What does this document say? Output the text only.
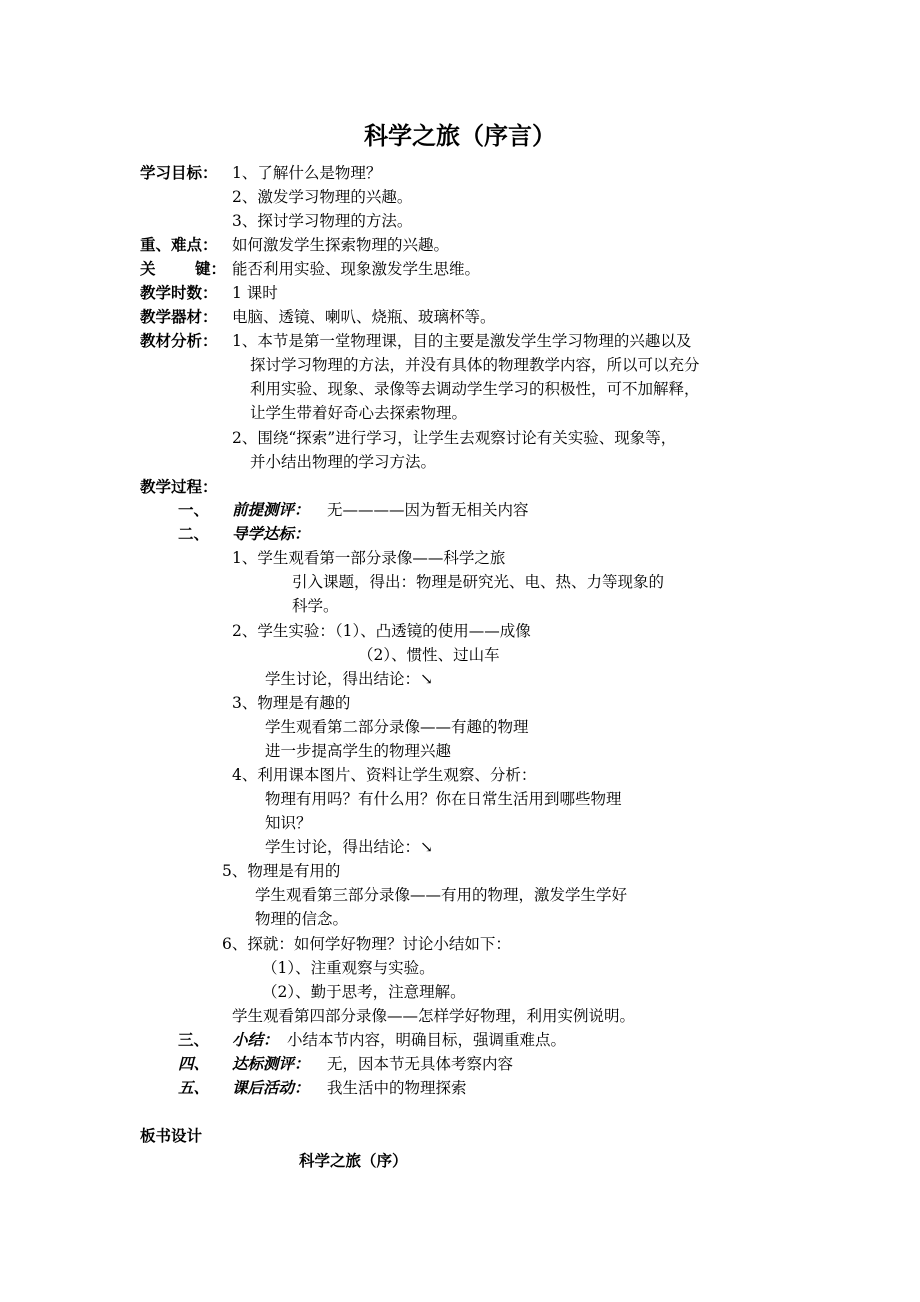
科学之旅（序言）
学习目标： 1、了解什么是物理？
2、激发学习物理的兴趣。
3、探讨学习物理的方法。
重、难点： 如何激发学生探索物理的兴趣。
关	键： 能否利用实验、现象激发学生思维。
教学时数： 1 课时
教学器材： 电脑、透镜、喇叭、烧瓶、玻璃杯等。
教材分析： 1、本节是第一堂物理课，目的主要是激发学生学习物理的兴趣以及
探讨学习物理的方法，并没有具体的物理教学内容，所以可以充分
利用实验、现象、录像等去调动学生学习的积极性，可不加解释，
让学生带着好奇心去探索物理。
2、围绕“探索”进行学习，让学生去观察讨论有关实验、现象等，
并小结出物理的学习方法。
教学过程：
一、 前提测评： 无————因为暂无相关内容
二、 导学达标：
1、学生观看第一部分录像——科学之旅
引入课题，得出：物理是研究光、电、热、力等现象的
科学。
2、学生实验：（1）、凸透镜的使用——成像
（2）、惯性、过山车
学生讨论，得出结论：↘
3、物理是有趣的
学生观看第二部分录像——有趣的物理
进一步提高学生的物理兴趣
4、利用课本图片、资料让学生观察、分析：
物理有用吗？有什么用？你在日常生活用到哪些物理
知识？
学生讨论，得出结论：↘
5、物理是有用的
学生观看第三部分录像——有用的物理，激发学生学好
物理的信念。
6、探就：如何学好物理？讨论小结如下：
（1）、注重观察与实验。
（2）、勤于思考，注意理解。
学生观看第四部分录像——怎样学好物理，利用实例说明。
三、 小结： 小结本节内容，明确目标，强调重难点。
四、 达标测评： 无，因本节无具体考察内容
五、 课后活动： 我生活中的物理探索
板书设计
科学之旅（序）
